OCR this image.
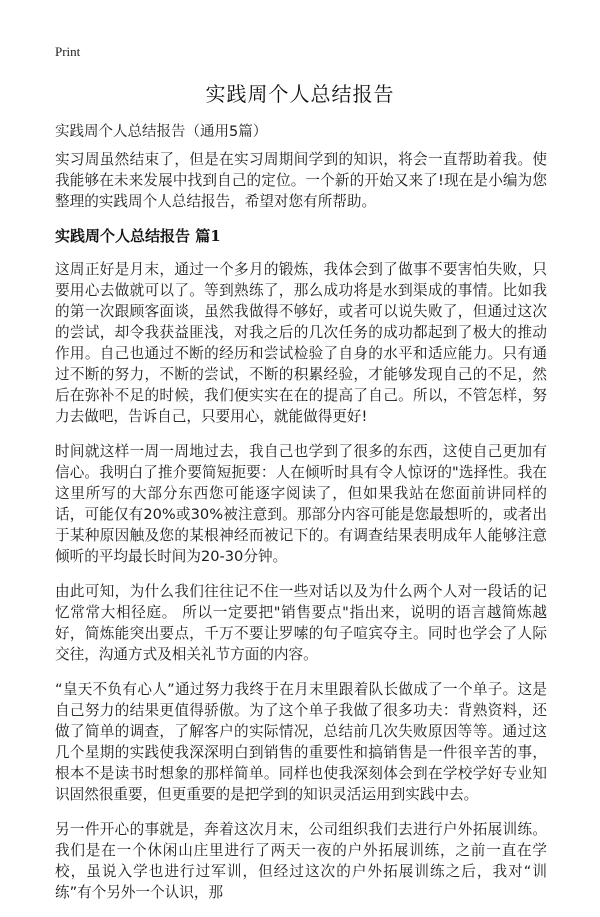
Print
实践周个人总结报告

实践周个人总结报告（通用5篇）

实习周虽然结束了，但是在实习周期间学到的知识，将会一直帮助着我。使我能够在未来发展中找到自己的定位。一个新的开始又来了!现在是小编为您整理的实践周个人总结报告，希望对您有所帮助。

实践周个人总结报告 篇1

这周正好是月末，通过一个多月的锻炼，我体会到了做事不要害怕失败，只要用心去做就可以了。等到熟练了，那么成功将是水到渠成的事情。比如我的第一次跟顾客面谈，虽然我做得不够好，或者可以说失败了，但通过这次的尝试，却令我获益匪浅，对我之后的几次任务的成功都起到了极大的推动作用。自己也通过不断的经历和尝试检验了自身的水平和适应能力。只有通过不断的努力，不断的尝试，不断的积累经验，才能够发现自己的不足，然后在弥补不足的时候，我们便实实在在的提高了自己。所以，不管怎样，努力去做吧，告诉自己，只要用心，就能做得更好!

时间就这样一周一周地过去，我自己也学到了很多的东西，这使自己更加有信心。我明白了推介要简短扼要：人在倾听时具有令人惊讶的"选择性。我在这里所写的大部分东西您可能逐字阅读了，但如果我站在您面前讲同样的话，可能仅有20%或30%被注意到。那部分内容可能是您最想听的，或者出于某种原因触及您的某根神经而被记下的。有调查结果表明成年人能够注意倾听的平均最长时间为20-30分钟。

由此可知，为什么我们往往记不住一些对话以及为什么两个人对一段话的记忆常常大相径庭。 所以一定要把"销售要点"指出来，说明的语言越简炼越好，简炼能突出要点，千万不要让罗嗦的句子喧宾夺主。同时也学会了人际交往，沟通方式及相关礼节方面的内容。

“皇天不负有心人”通过努力我终于在月末里跟着队长做成了一个单子。这是自己努力的结果更值得骄傲。为了这个单子我做了很多功夫：背熟资料，还做了简单的调查，了解客户的实际情况，总结前几次失败原因等等。通过这几个星期的实践使我深深明白到销售的重要性和搞销售是一件很辛苦的事，根本不是读书时想象的那样简单。同样也使我深刻体会到在学校学好专业知识固然很重要，但更重要的是把学到的知识灵活运用到实践中去。

另一件开心的事就是，奔着这次月末，公司组织我们去进行户外拓展训练。我们是在一个休闲山庄里进行了两天一夜的户外拓展训练，之前一直在学校，虽说入学也进行过军训，但经过这次的户外拓展训练之后，我对“训练”有个另外一个认识，那
